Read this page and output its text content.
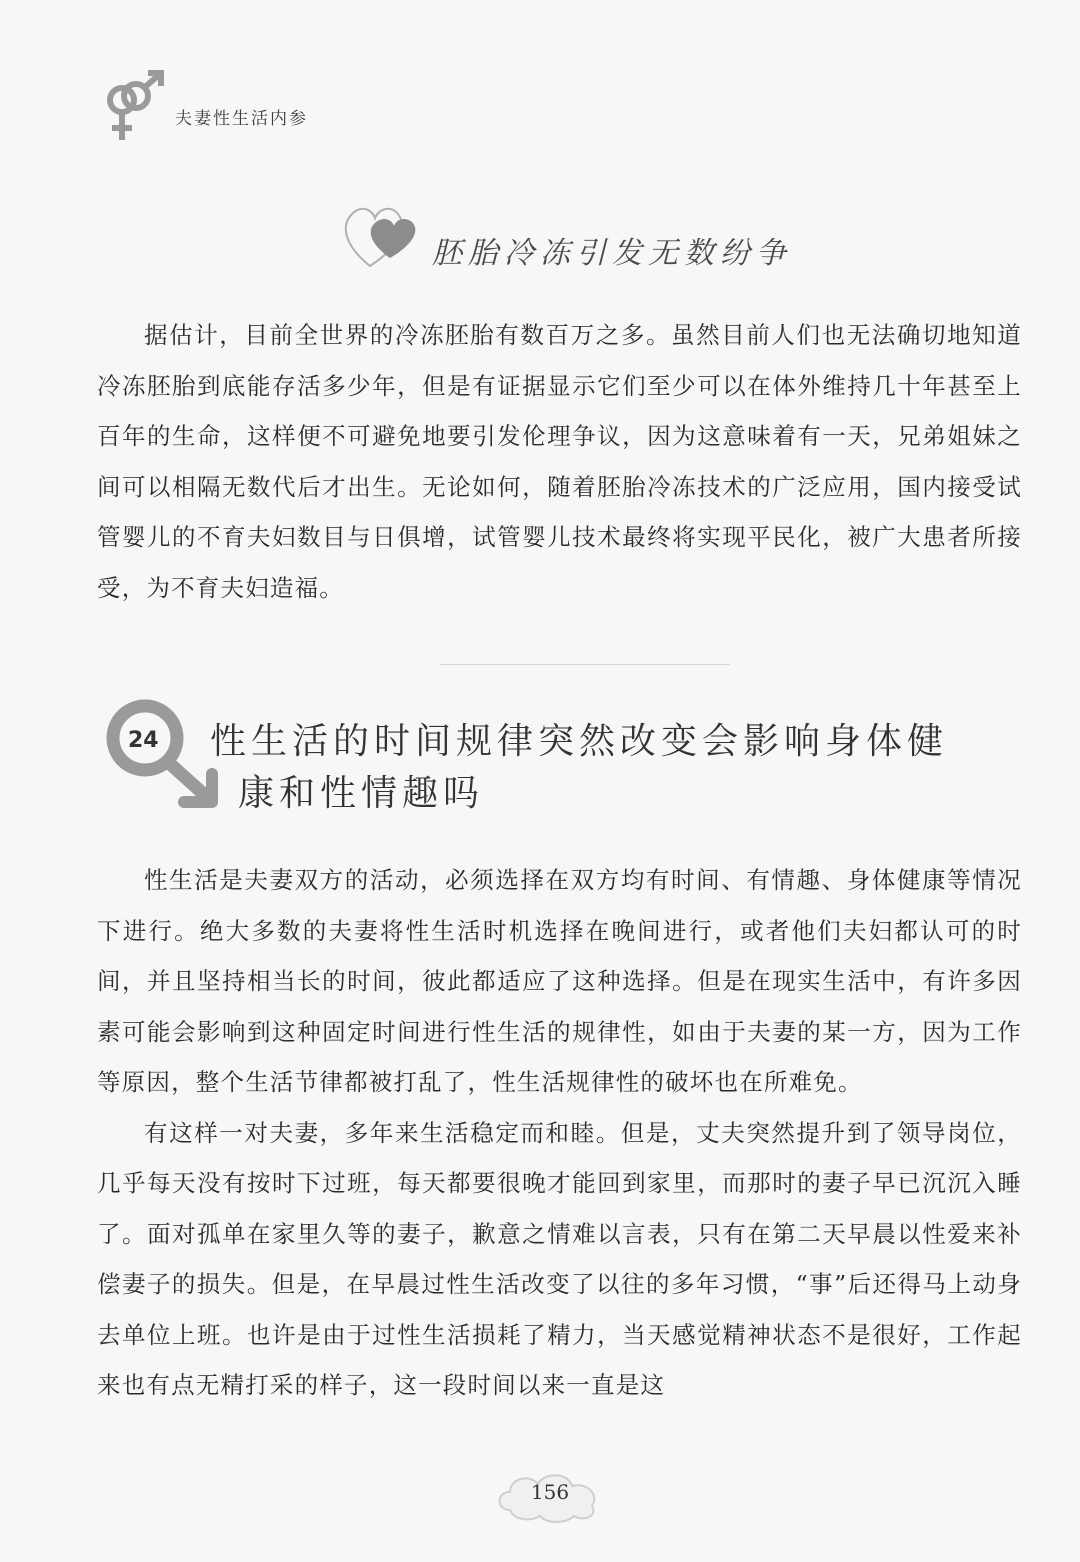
夫妻性生活内参
胚胎冷冻引发无数纷争

据估计，目前全世界的冷冻胚胎有数百万之多。虽然目前人们也无法确切地知道冷冻胚胎到底能存活多少年，但是有证据显示它们至少可以在体外维持几十年甚至上百年的生命，这样便不可避免地要引发伦理争议，因为这意味着有一天，兄弟姐妹之间可以相隔无数代后才出生。无论如何，随着胚胎冷冻技术的广泛应用，国内接受试管婴儿的不育夫妇数目与日俱增，试管婴儿技术最终将实现平民化，被广大患者所接受，为不育夫妇造福。

24 性生活的时间规律突然改变会影响身体健
康和性情趣吗

性生活是夫妻双方的活动，必须选择在双方均有时间、有情趣、身体健康等情况下进行。绝大多数的夫妻将性生活时机选择在晚间进行，或者他们夫妇都认可的时间，并且坚持相当长的时间，彼此都适应了这种选择。但是在现实生活中，有许多因素可能会影响到这种固定时间进行性生活的规律性，如由于夫妻的某一方，因为工作等原因，整个生活节律都被打乱了，性生活规律性的破坏也在所难免。

有这样一对夫妻，多年来生活稳定而和睦。但是，丈夫突然提升到了领导岗位，几乎每天没有按时下过班，每天都要很晚才能回到家里，而那时的妻子早已沉沉入睡了。面对孤单在家里久等的妻子，歉意之情难以言表，只有在第二天早晨以性爱来补偿妻子的损失。但是，在早晨过性生活改变了以往的多年习惯，“事”后还得马上动身去单位上班。也许是由于过性生活损耗了精力，当天感觉精神状态不是很好，工作起来也有点无精打采的样子，这一段时间以来一直是这

156
